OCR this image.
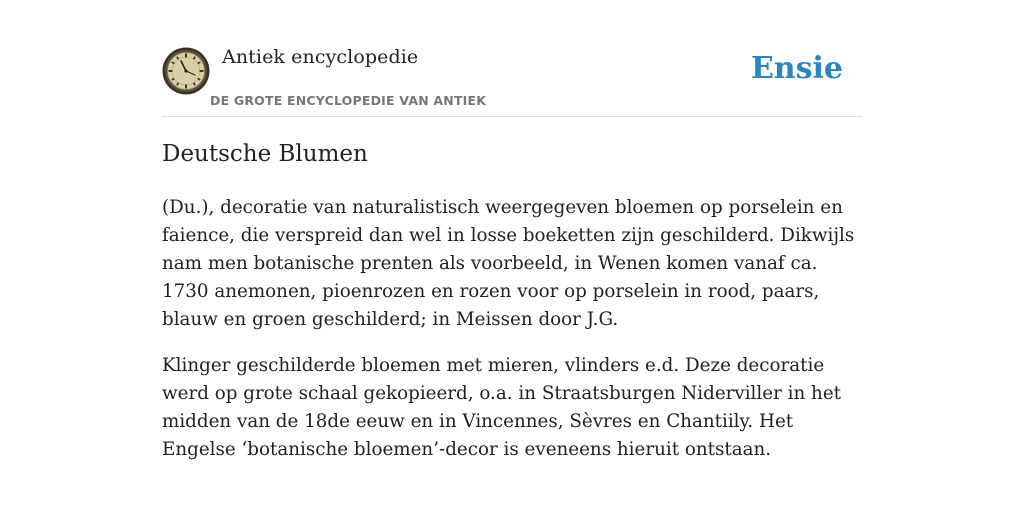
Antiek encyclopedie
DE GROTE ENCYCLOPEDIE VAN ANTIEK
Ensie
Deutsche Blumen

(Du.), decoratie van naturalistisch weergegeven bloemen op porselein en faience, die verspreid dan wel in losse boeketten zijn geschilderd. Dikwijls nam men botanische prenten als voorbeeld, in Wenen komen vanaf ca. 1730 anemonen, pioenrozen en rozen voor op porselein in rood, paars, blauw en groen geschilderd; in Meissen door J.G.

Klinger geschilderde bloemen met mieren, vlinders e.d. Deze decoratie werd op grote schaal gekopieerd, o.a. in Straatsburgen Niderviller in het midden van de 18de eeuw en in Vincennes, Sèvres en Chantiily. Het Engelse ‘botanische bloemen’-decor is eveneens hieruit ontstaan.
